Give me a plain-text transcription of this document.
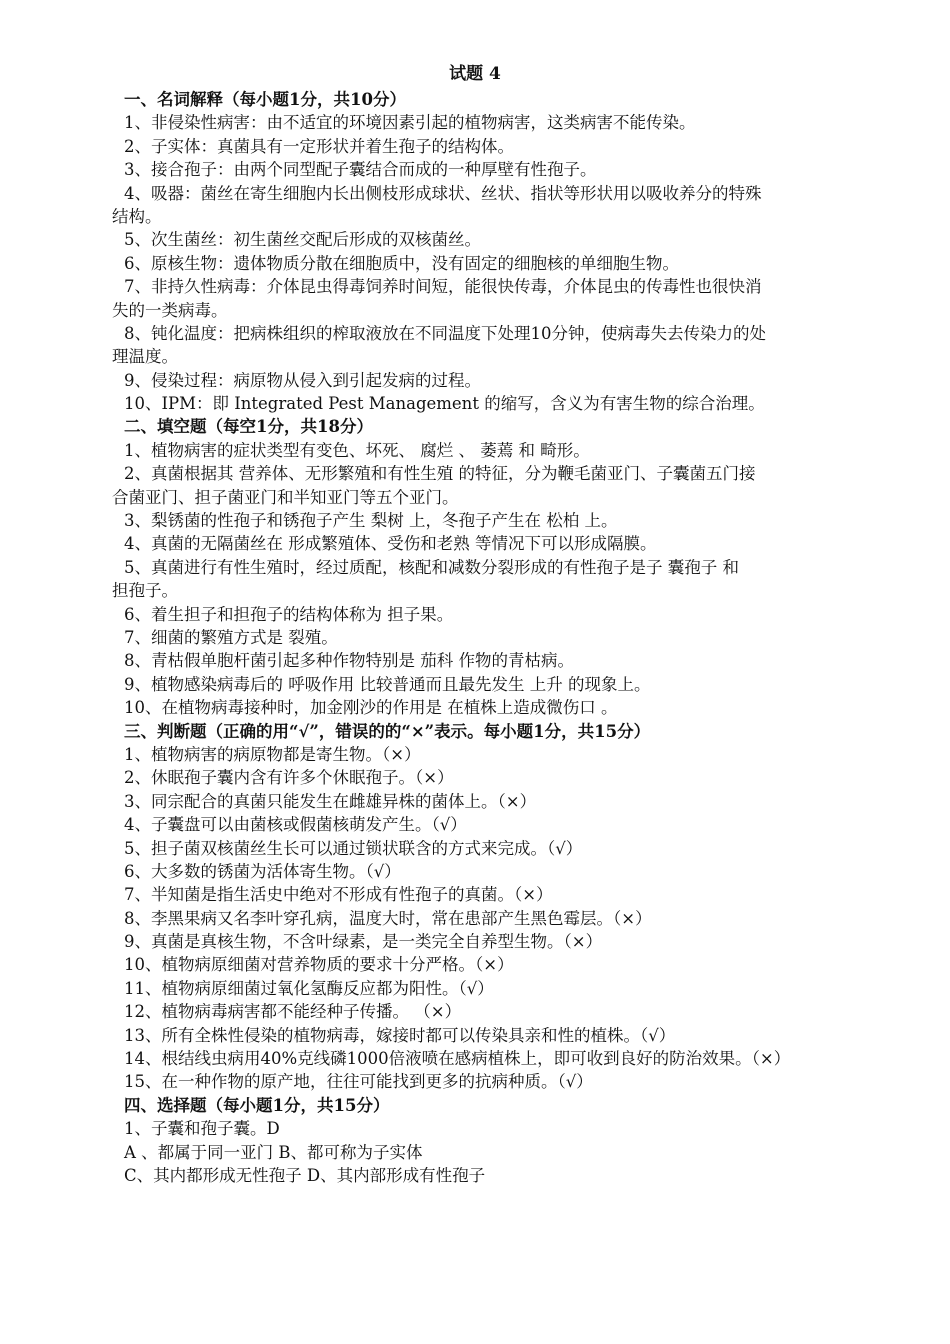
试题 4
一、名词解释（每小题1分，共10分）
1、非侵染性病害：由不适宜的环境因素引起的植物病害，这类病害不能传染。
2、子实体：真菌具有一定形状并着生孢子的结构体。
3、接合孢子：由两个同型配子囊结合而成的一种厚壁有性孢子。
4、吸器：菌丝在寄生细胞内长出侧枝形成球状、丝状、指状等形状用以吸收养分的特殊
结构。
5、次生菌丝：初生菌丝交配后形成的双核菌丝。
6、原核生物：遗体物质分散在细胞质中，没有固定的细胞核的单细胞生物。
7、非持久性病毒：介体昆虫得毒饲养时间短，能很快传毒，介体昆虫的传毒性也很快消
失的一类病毒。
8、钝化温度：把病株组织的榨取液放在不同温度下处理10分钟，使病毒失去传染力的处
理温度。
9、侵染过程：病原物从侵入到引起发病的过程。
10、IPM：即 Integrated Pest Management 的缩写，含义为有害生物的综合治理。
二、填空题（每空1分，共18分）
1、植物病害的症状类型有变色、坏死、 腐烂 、 萎蔫 和 畸形。
2、真菌根据其 营养体、无形繁殖和有性生殖 的特征，分为鞭毛菌亚门、子囊菌五门接
合菌亚门、担子菌亚门和半知亚门等五个亚门。
3、梨锈菌的性孢子和锈孢子产生 梨树 上，冬孢子产生在 松柏 上。
4、真菌的无隔菌丝在 形成繁殖体、受伤和老熟 等情况下可以形成隔膜。
5、真菌进行有性生殖时，经过质配，核配和减数分裂形成的有性孢子是子 囊孢子 和
担孢子。
6、着生担子和担孢子的结构体称为 担子果。
7、细菌的繁殖方式是 裂殖。
8、青枯假单胞杆菌引起多种作物特别是 茄科 作物的青枯病。
9、植物感染病毒后的 呼吸作用 比较普通而且最先发生 上升 的现象上。
10、在植物病毒接种时，加金刚沙的作用是 在植株上造成微伤口 。
三、判断题（正确的用“√”，错误的的“×”表示。每小题1分，共15分）
1、植物病害的病原物都是寄生物。（×）
2、休眠孢子囊内含有许多个休眠孢子。（×）
3、同宗配合的真菌只能发生在雌雄异株的菌体上。（×）
4、子囊盘可以由菌核或假菌核萌发产生。（√）
5、担子菌双核菌丝生长可以通过锁状联含的方式来完成。（√）
6、大多数的锈菌为活体寄生物。（√）
7、半知菌是指生活史中绝对不形成有性孢子的真菌。（×）
8、李黑果病又名李叶穿孔病，温度大时，常在患部产生黑色霉层。（×）
9、真菌是真核生物，不含叶绿素，是一类完全自养型生物。（×）
10、植物病原细菌对营养物质的要求十分严格。（×）
11、植物病原细菌过氧化氢酶反应都为阳性。（√）
12、植物病毒病害都不能经种子传播。 （×）
13、所有全株性侵染的植物病毒，嫁接时都可以传染具亲和性的植株。（√）
14、根结线虫病用40%克线磷1000倍液喷在感病植株上，即可收到良好的防治效果。（×）
15、在一种作物的原产地，往往可能找到更多的抗病种质。（√）
四、选择题（每小题1分，共15分）
1、子囊和孢子囊。D
A 、都属于同一亚门 B、都可称为子实体
C、其内都形成无性孢子 D、其内部形成有性孢子
